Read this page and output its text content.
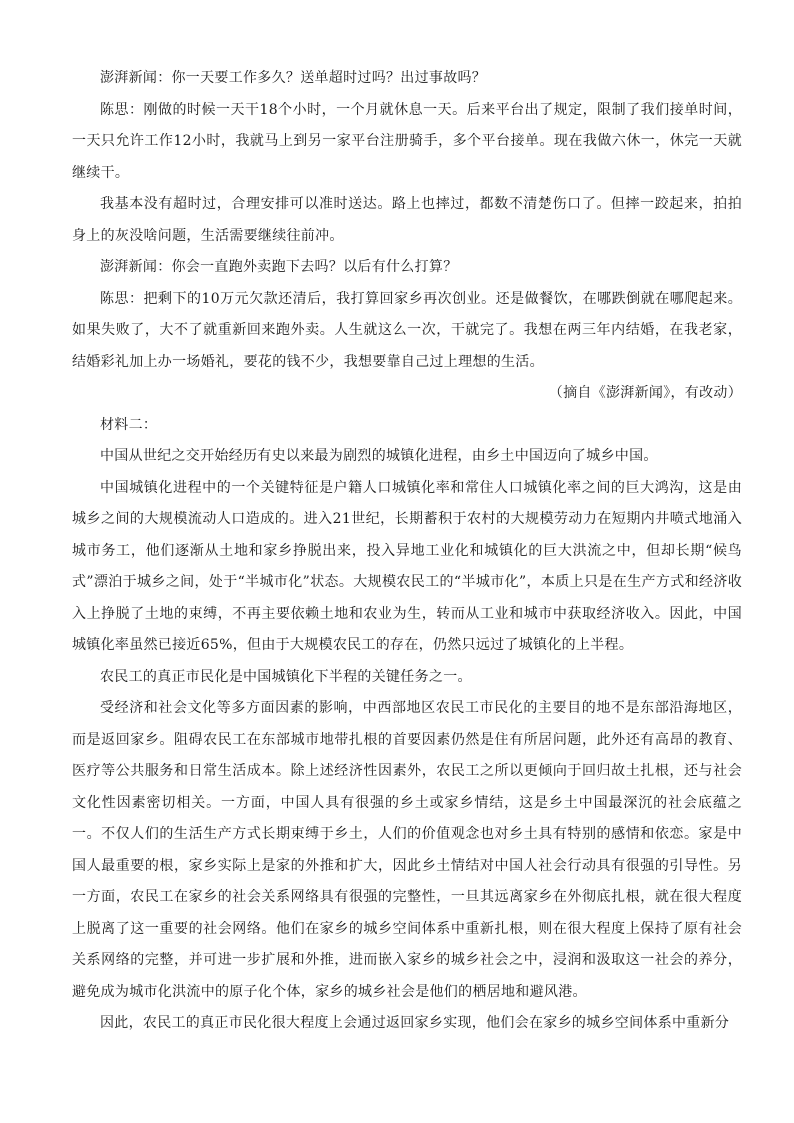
澎湃新闻：你一天要工作多久？送单超时过吗？出过事故吗？

陈思：刚做的时候一天干18个小时，一个月就休息一天。后来平台出了规定，限制了我们接单时间，一天只允许工作12小时，我就马上到另一家平台注册骑手，多个平台接单。现在我做六休一，休完一天就继续干。

我基本没有超时过，合理安排可以准时送达。路上也摔过，都数不清楚伤口了。但摔一跤起来，拍拍身上的灰没啥问题，生活需要继续往前冲。

澎湃新闻：你会一直跑外卖跑下去吗？以后有什么打算？

陈思：把剩下的10万元欠款还清后，我打算回家乡再次创业。还是做餐饮，在哪跌倒就在哪爬起来。如果失败了，大不了就重新回来跑外卖。人生就这么一次，干就完了。我想在两三年内结婚，在我老家，结婚彩礼加上办一场婚礼，要花的钱不少，我想要靠自己过上理想的生活。

（摘自《澎湃新闻》，有改动）

材料二：

中国从世纪之交开始经历有史以来最为剧烈的城镇化进程，由乡土中国迈向了城乡中国。

中国城镇化进程中的一个关键特征是户籍人口城镇化率和常住人口城镇化率之间的巨大鸿沟，这是由城乡之间的大规模流动人口造成的。进入21世纪，长期蓄积于农村的大规模劳动力在短期内井喷式地涌入城市务工，他们逐渐从土地和家乡挣脱出来，投入异地工业化和城镇化的巨大洪流之中，但却长期“候鸟式”漂泊于城乡之间，处于“半城市化”状态。大规模农民工的“半城市化”，本质上只是在生产方式和经济收入上挣脱了土地的束缚，不再主要依赖土地和农业为生，转而从工业和城市中获取经济收入。因此，中国城镇化率虽然已接近65%，但由于大规模农民工的存在，仍然只远过了城镇化的上半程。

农民工的真正市民化是中国城镇化下半程的关键任务之一。

受经济和社会文化等多方面因素的影响，中西部地区农民工市民化的主要目的地不是东部沿海地区，而是返回家乡。阻碍农民工在东部城市地带扎根的首要因素仍然是住有所居问题，此外还有高昂的教育、医疗等公共服务和日常生活成本。除上述经济性因素外，农民工之所以更倾向于回归故土扎根，还与社会文化性因素密切相关。一方面，中国人具有很强的乡土或家乡情结，这是乡土中国最深沉的社会底蕴之一。不仅人们的生活生产方式长期束缚于乡土，人们的价值观念也对乡土具有特别的感情和依恋。家是中国人最重要的根，家乡实际上是家的外推和扩大，因此乡土情结对中国人社会行动具有很强的引导性。另一方面，农民工在家乡的社会关系网络具有很强的完整性，一旦其远离家乡在外彻底扎根，就在很大程度上脱离了这一重要的社会网络。他们在家乡的城乡空间体系中重新扎根，则在很大程度上保持了原有社会关系网络的完整，并可进一步扩展和外推，进而嵌入家乡的城乡社会之中，浸润和汲取这一社会的养分，避免成为城市化洪流中的原子化个体，家乡的城乡社会是他们的栖居地和避风港。

因此，农民工的真正市民化很大程度上会通过返回家乡实现，他们会在家乡的城乡空间体系中重新分
